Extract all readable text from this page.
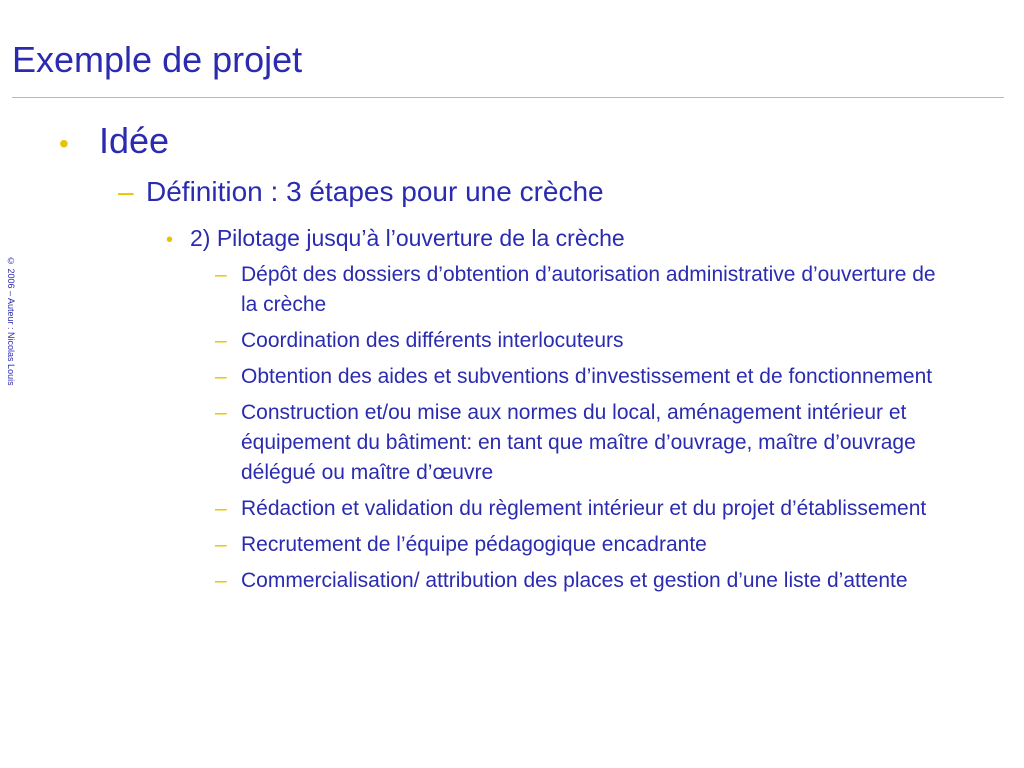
Exemple de projet
© 2006 – Auteur : Nicolas Louis
• Idée
– Définition : 3 étapes pour une crèche
• 2) Pilotage jusqu’à l’ouverture de la crèche
– Dépôt des dossiers d’obtention d’autorisation administrative d’ouverture de la crèche
– Coordination des différents interlocuteurs
– Obtention des aides et subventions d’investissement et de fonctionnement
– Construction et/ou mise aux normes du local, aménagement intérieur et équipement du bâtiment: en tant que maître d’ouvrage, maître d’ouvrage délégué ou maître d’œuvre
– Rédaction et validation du règlement intérieur et du projet d’établissement
– Recrutement de l’équipe pédagogique encadrante
– Commercialisation/ attribution des places et gestion d’une liste d’attente
